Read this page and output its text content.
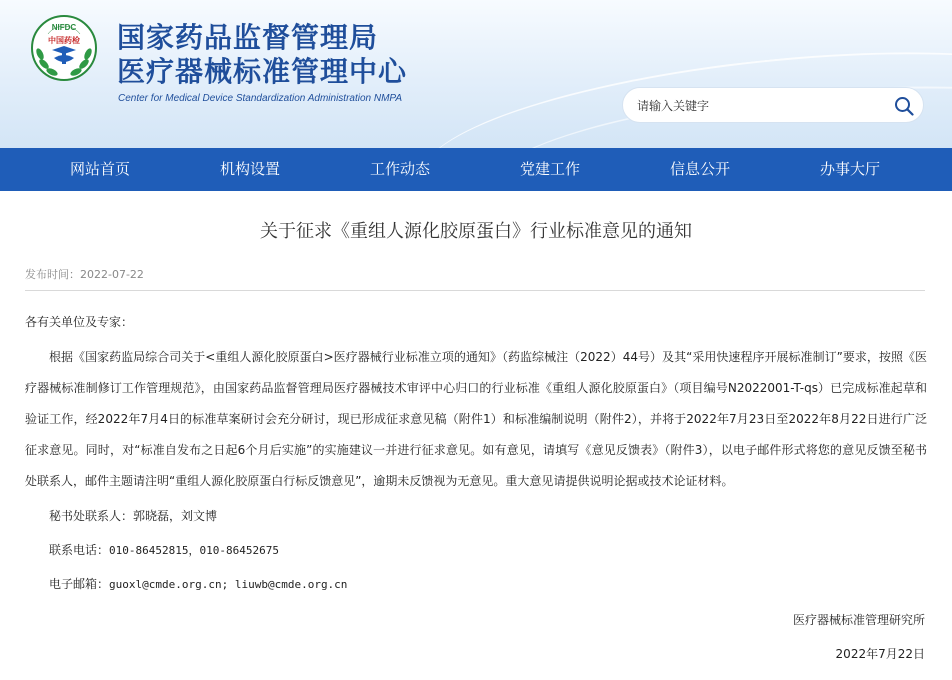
NIFDC
中国药检 国家药品监督管理局
医疗器械标准管理中心
Center for Medical Device Standardization Administration NMPA
请输入关键字
网站首页	机构设置	工作动态	党建工作	信息公开	办事大厅
关于征求《重组人源化胶原蛋白》行业标准意见的通知
发布时间：2022-07-22
各有关单位及专家：
根据《国家药监局综合司关于<重组人源化胶原蛋白>医疗器械行业标准立项的通知》（药监综械注（2022）44号）及其“采用快速程序开展标准制订”要求，按照《医疗器械标准制修订工作管理规范》，由国家药品监督管理局医疗器械技术审评中心归口的行业标准《重组人源化胶原蛋白》（项目编号N2022001-T-qs）已完成标准起草和验证工作，经2022年7月4日的标准草案研讨会充分研讨，现已形成征求意见稿（附件1）和标准编制说明（附件2），并将于2022年7月23日至2022年8月22日进行广泛征求意见。同时，对“标准自发布之日起6个月后实施”的实施建议一并进行征求意见。如有意见，请填写《意见反馈表》（附件3），以电子邮件形式将您的意见反馈至秘书处联系人，邮件主题请注明“重组人源化胶原蛋白行标反馈意见”，逾期未反馈视为无意见。重大意见请提供说明论据或技术论证材料。
秘书处联系人：郭晓磊，刘文博
联系电话：010-86452815，010-86452675
电子邮箱：guoxl@cmde.org.cn; liuwb@cmde.org.cn
医疗器械标准管理研究所
2022年7月22日
